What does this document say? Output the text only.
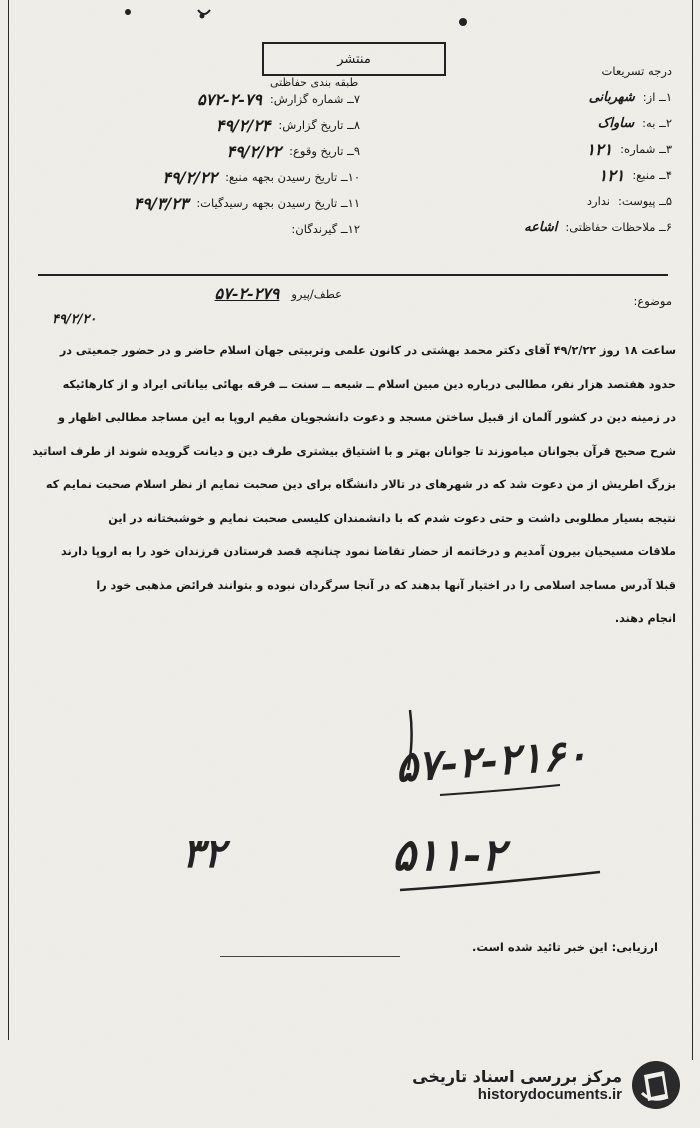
منتشر
طبقه بندی حفاظتی
درجه تسریعات
۱ــ از:
شهربانی
۲ــ به:
ساواک
۳ــ شماره:
۱۲۱
۴ــ منبع:
۱۲۱
۵ــ پیوست:
ندارد
۶ــ ملاحظات حفاظتی:
اشاعه
۷ــ شماره گزارش:
۵۷۲-۲-۷۹
۸ــ تاریخ گزارش:
۴۹/۲/۲۴
۹ــ تاریخ وقوع:
۴۹/۲/۲۲
۱۰ــ تاریخ رسیدن بجهه منبع:
۴۹/۲/۲۲
۱۱ــ تاریخ رسیدن بجهه رسیدگیات:
۴۹/۳/۲۳
۱۲ــ گیرندگان:
عطف/پیرو
۵۷-۲-۲۷۹
۴۹/۲/۲۰
موضوع:

ساعت ۱۸ روز ۴۹/۲/۲۲ آقای دکتر محمد بهشتی در کانون علمی وتربیتی جهان اسلام حاضر و در حضور جمعیتی در

حدود هفتصد هزار نفر، مطالبی درباره دین مبین اسلام ــ شیعه ــ سنت ــ فرقه بهائی بیاناتی ایراد و از کارهائیکه

در زمینه دین در کشور آلمان از قبیل ساختن مسجد و دعوت دانشجویان مقیم اروپا به این مساجد مطالبی اظهار و

شرح صحیح قرآن بجوانان میاموزند تا جوانان بهتر و با اشتیاق بیشتری طرف دین و دیانت گرویده شوند از طرف اساتید

بزرگ اطریش از من دعوت شد که در شهرهای در تالار دانشگاه برای دین صحبت نمایم از نظر اسلام صحبت نمایم که

نتیجه بسیار مطلوبی داشت و حتی دعوت شدم که با دانشمندان کلیسی صحبت نمایم و خوشبختانه در این

ملاقات مسیحیان بیرون آمدیم و درخاتمه از حضار تقاضا نمود چنانچه قصد فرستادن فرزندان خود را به اروپا دارند

قبلا آدرس مساجد اسلامی را در اختیار آنها بدهند که در آنجا سرگردان نبوده و بتوانند فرائض مذهبی خود را

انجام دهند.

۵۷-۲-۲۱۶۰
۳۲	۵۱۱-۲
ارزیابی: این خبر تائید شده است.
مرکز بررسی اسناد تاریخی
historydocuments.ir
